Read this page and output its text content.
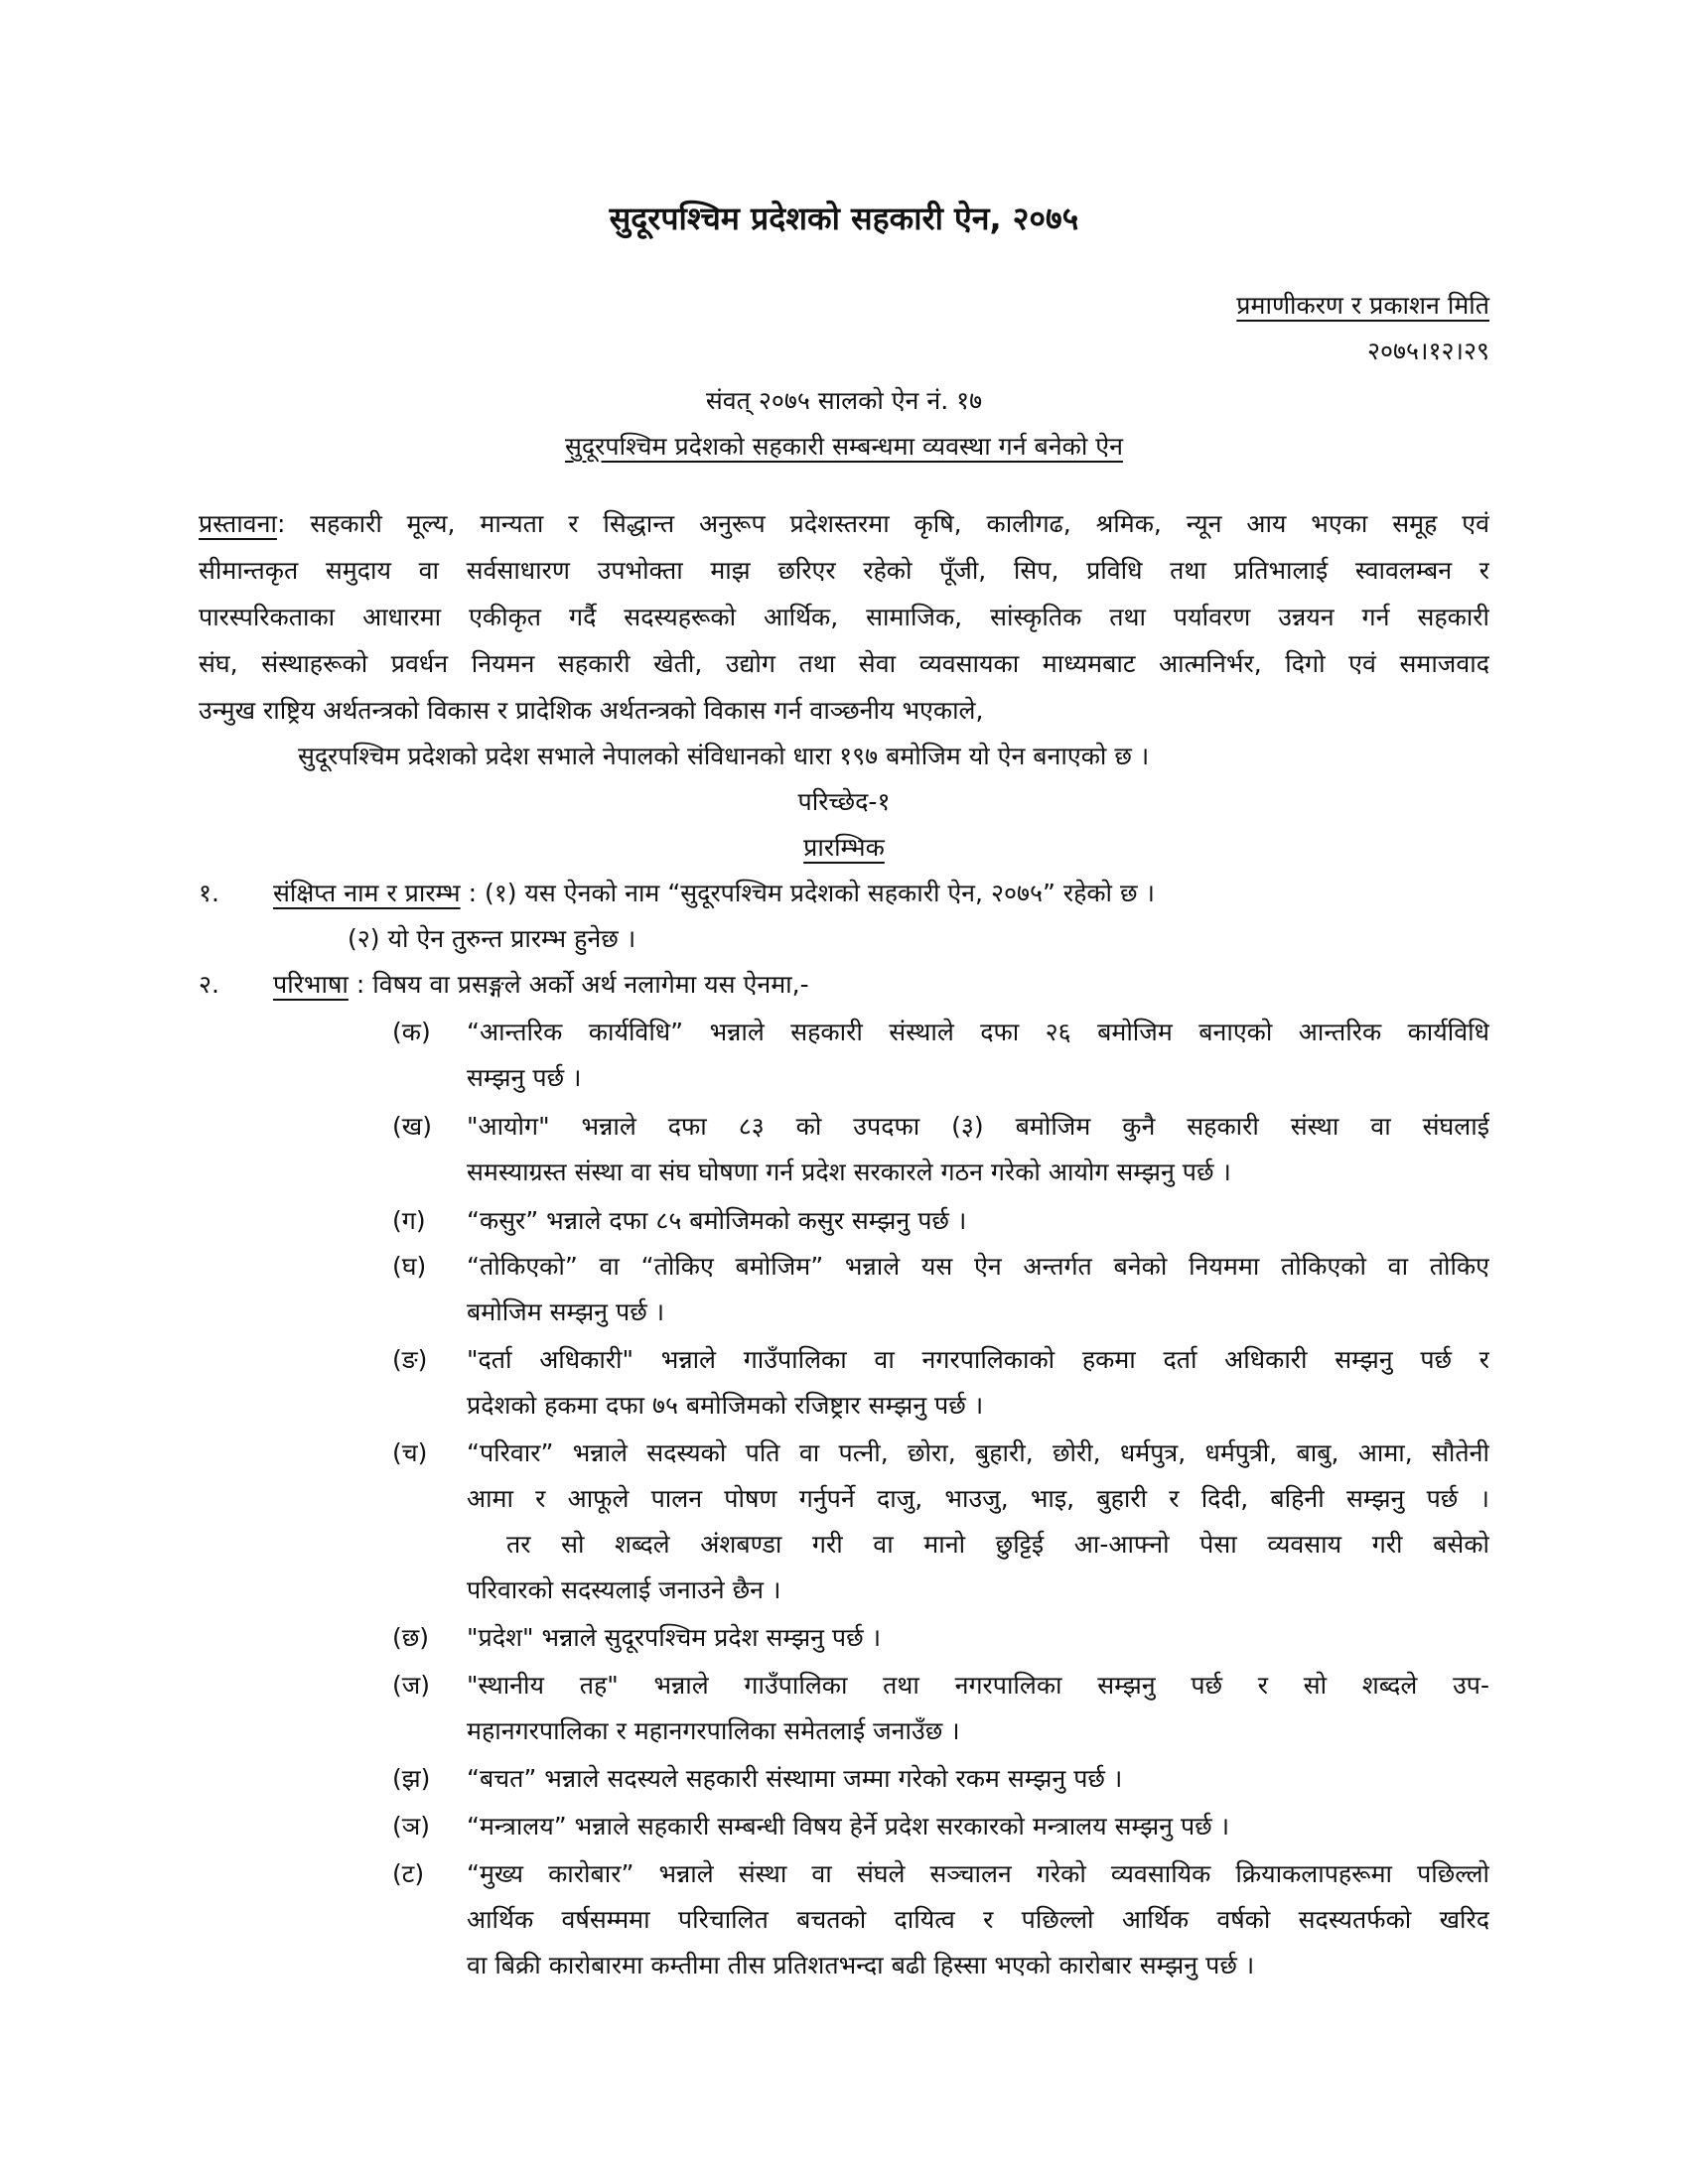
सुदूरपश्चिम प्रदेशको सहकारी ऐन, २०७५
प्रमाणीकरण र प्रकाशन मिति
२०७५।१२।२९
संवत् २०७५ सालको ऐन नं. १७
सुदूरपश्चिम प्रदेशको सहकारी सम्बन्धमा व्यवस्था गर्न बनेको ऐन
प्रस्तावना: सहकारी मूल्य, मान्यता र सिद्धान्त अनुरूप प्रदेशस्तरमा कृषि, कालीगढ, श्रमिक, न्यून आय भएका समूह एवं
सीमान्तकृत समुदाय वा सर्वसाधारण उपभोक्ता माझ छरिएर रहेको पूँजी, सिप, प्रविधि तथा प्रतिभालाई स्वावलम्बन र
पारस्परिकताका आधारमा एकीकृत गर्दै सदस्यहरूको आर्थिक, सामाजिक, सांस्कृतिक तथा पर्यावरण उन्नयन गर्न सहकारी
संघ, संस्थाहरूको प्रवर्धन नियमन सहकारी खेती, उद्योग तथा सेवा व्यवसायका माध्यमबाट आत्मनिर्भर, दिगो एवं समाजवाद
उन्मुख राष्ट्रिय अर्थतन्त्रको विकास र प्रादेशिक अर्थतन्त्रको विकास गर्न वाञ्छनीय भएकाले,
सुदूरपश्चिम प्रदेशको प्रदेश सभाले नेपालको संविधानको धारा १९७ बमोजिम यो ऐन बनाएको छ ।
परिच्छेद-१
प्रारम्भिक
१. संक्षिप्त नाम र प्रारम्भ : (१) यस ऐनको नाम “सुदूरपश्चिम प्रदेशको सहकारी ऐन, २०७५” रहेको छ ।
(२) यो ऐन तुरुन्त प्रारम्भ हुनेछ ।
२. परिभाषा : विषय वा प्रसङ्गले अर्को अर्थ नलागेमा यस ऐनमा,-
(क) “आन्तरिक कार्यविधि” भन्नाले सहकारी संस्थाले दफा २६ बमोजिम बनाएको आन्तरिक कार्यविधि
सम्झनु पर्छ ।
(ख) "आयोग" भन्नाले दफा ८३ को उपदफा (३) बमोजिम कुनै सहकारी संस्था वा संघलाई
समस्याग्रस्त संस्था वा संघ घोषणा गर्न प्रदेश सरकारले गठन गरेको आयोग सम्झनु पर्छ ।
(ग) “कसुर” भन्नाले दफा ८५ बमोजिमको कसुर सम्झनु पर्छ ।
(घ) “तोकिएको” वा “तोकिए बमोजिम” भन्नाले यस ऐन अन्तर्गत बनेको नियममा तोकिएको वा तोकिए
बमोजिम सम्झनु पर्छ ।
(ङ) "दर्ता अधिकारी" भन्नाले गाउँपालिका वा नगरपालिकाको हकमा दर्ता अधिकारी सम्झनु पर्छ र
प्रदेशको हकमा दफा ७५ बमोजिमको रजिष्ट्रार सम्झनु पर्छ ।
(च) “परिवार” भन्नाले सदस्यको पति वा पत्नी, छोरा, बुहारी, छोरी, धर्मपुत्र, धर्मपुत्री, बाबु, आमा, सौतेनी
आमा र आफूले पालन पोषण गर्नुपर्ने दाजु, भाउजु, भाइ, बुहारी र दिदी, बहिनी सम्झनु पर्छ ।
तर सो शब्दले अंशबण्डा गरी वा मानो छुट्टिई आ-आफ्नो पेसा व्यवसाय गरी बसेको
परिवारको सदस्यलाई जनाउने छैन ।
(छ) "प्रदेश" भन्नाले सुदूरपश्चिम प्रदेश सम्झनु पर्छ ।
(ज) "स्थानीय तह" भन्नाले गाउँपालिका तथा नगरपालिका सम्झनु पर्छ र सो शब्दले उप-
महानगरपालिका र महानगरपालिका समेतलाई जनाउँछ ।
(झ) “बचत” भन्नाले सदस्यले सहकारी संस्थामा जम्मा गरेको रकम सम्झनु पर्छ ।
(ञ) “मन्त्रालय” भन्नाले सहकारी सम्बन्धी विषय हेर्ने प्रदेश सरकारको मन्त्रालय सम्झनु पर्छ ।
(ट) “मुख्य कारोबार” भन्नाले संस्था वा संघले सञ्चालन गरेको व्यवसायिक क्रियाकलापहरूमा पछिल्लो
आर्थिक वर्षसम्ममा परिचालित बचतको दायित्व र पछिल्लो आर्थिक वर्षको सदस्यतर्फको खरिद
वा बिक्री कारोबारमा कम्तीमा तीस प्रतिशतभन्दा बढी हिस्सा भएको कारोबार सम्झनु पर्छ ।
